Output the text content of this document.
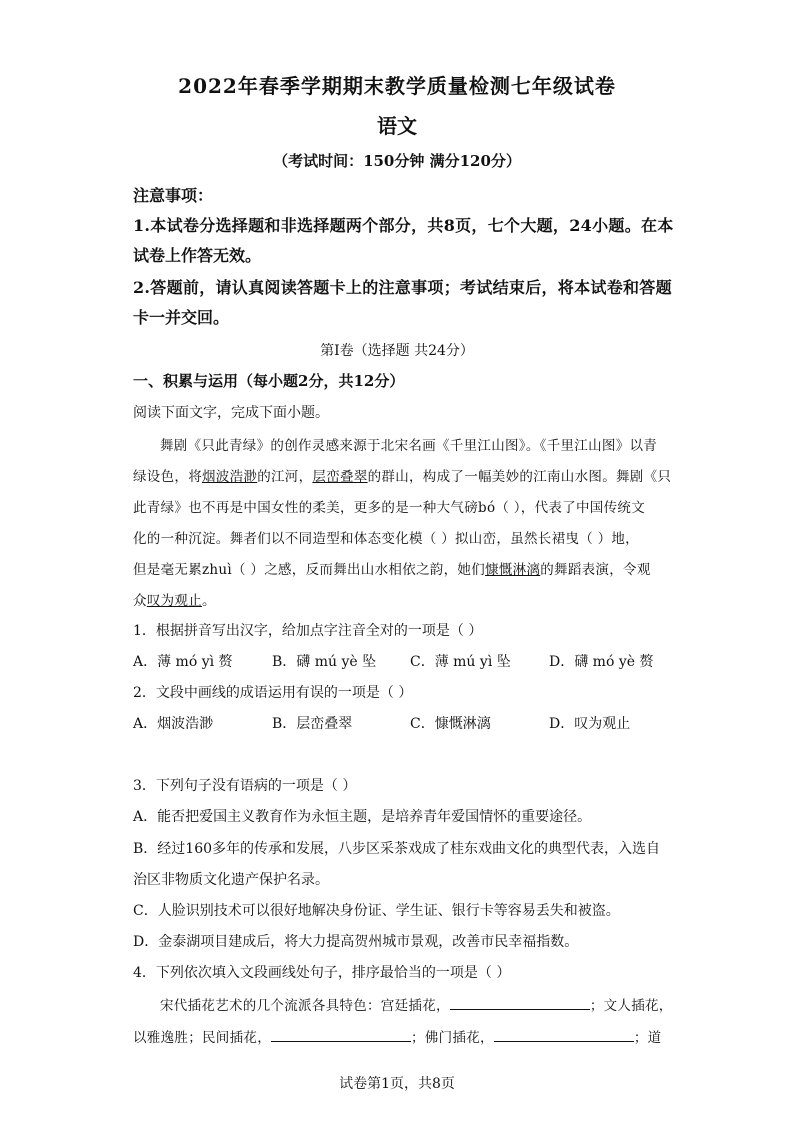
2022年春季学期期末教学质量检测七年级试卷
语文
（考试时间：150分钟 满分120分）
注意事项：
1.本试卷分选择题和非选择题两个部分，共8页，七个大题，24小题。在本
试卷上作答无效。
2.答题前，请认真阅读答题卡上的注意事项；考试结束后，将本试卷和答题
卡一并交回。
第Ⅰ卷（选择题 共24分）
一、积累与运用（每小题2分，共12分）
阅读下面文字，完成下面小题。
舞剧《只此青绿》的创作灵感来源于北宋名画《千里江山图》。《千里江山图》以青
绿设色，将烟波浩渺的江河，层峦叠翠的群山，构成了一幅美妙的江南山水图。舞剧《只
此青绿》也不再是中国女性的柔美，更多的是一种大气磅bó（ ），代表了中国传统文
化的一种沉淀。舞者们以不同造型和体态变化模（ ）拟山峦，虽然长裙曳（ ）地，
但是毫无累zhuì（ ）之感，反而舞出山水相依之韵，她们慷慨淋漓的舞蹈表演，令观
众叹为观止。
1．根据拼音写出汉字，给加点字注音全对的一项是（ ）
A．薄 mó yì 赘	B．礴 mú yè 坠 C．薄 mú yì 坠	D．礴 mó yè 赘
2．文段中画线的成语运用有误的一项是（ ）
A．烟波浩渺	B．层峦叠翠	C．慷慨淋漓	D．叹为观止
3．下列句子没有语病的一项是（ ）
A．能否把爱国主义教育作为永恒主题，是培养青年爱国情怀的重要途径。
B．经过160多年的传承和发展，八步区采茶戏成了桂东戏曲文化的典型代表，入选自
治区非物质文化遗产保护名录。
C．人脸识别技术可以很好地解决身份证、学生证、银行卡等容易丢失和被盗。
D．金泰湖项目建成后，将大力提高贺州城市景观，改善市民幸福指数。
4．下列依次填入文段画线处句子，排序最恰当的一项是（ ）
宋代插花艺术的几个流派各具特色：宫廷插花，	；文人插花，
以雅逸胜；民间插花，	；佛门插花，	；道
试卷第1页，共8页
